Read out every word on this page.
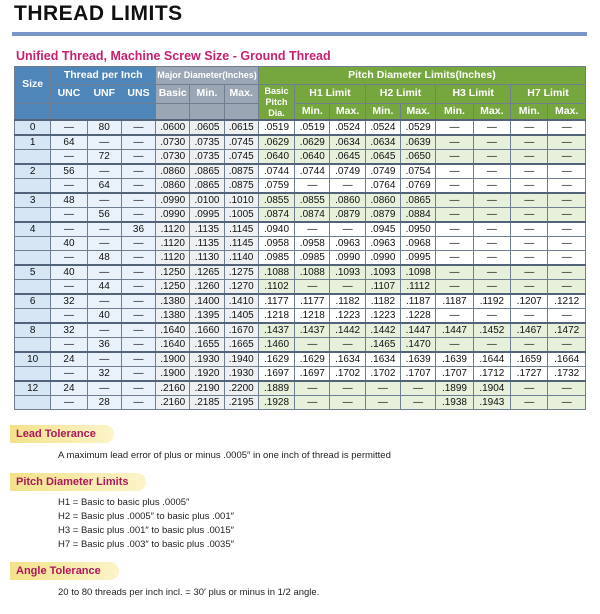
THREAD LIMITS
Unified Thread, Machine Screw Size - Ground Thread
Size	Thread per Inch			Major Diameter(Inches)			Pitch Diameter Limits(Inches)								
	UNC	UNF	UNS	Basic	Min.	Max.	Basic Pitch Dia.	H1 Limit		H2 Limit		H3 Limit		H7 Limit	
								Min.	Max.	Min.	Max.	Min.	Max.	Min.	Max.
0	—	80	—	.0600	.0605	.0615	.0519	.0519	.0524	.0524	.0529	—	—	—	—
1	64	—	—	.0730	.0735	.0745	.0629	.0629	.0634	.0634	.0639	—	—	—	—
	—	72	—	.0730	.0735	.0745	.0640	.0640	.0645	.0645	.0650	—	—	—	—
2	56	—	—	.0860	.0865	.0875	.0744	.0744	.0749	.0749	.0754	—	—	—	—
	—	64	—	.0860	.0865	.0875	.0759	—	—	.0764	.0769	—	—	—	—
3	48	—	—	.0990	.0100	.1010	.0855	.0855	.0860	.0860	.0865	—	—	—	—
	—	56	—	.0990	.0995	.1005	.0874	.0874	.0879	.0879	.0884	—	—	—	—
4	—	—	36	.1120	.1135	.1145	.0940	—	—	.0945	.0950	—	—	—	—
	40	—	—	.1120	.1135	.1145	.0958	.0958	.0963	.0963	.0968	—	—	—	—
	—	48	—	.1120	.1130	.1140	.0985	.0985	.0990	.0990	.0995	—	—	—	—
5	40	—	—	.1250	.1265	.1275	.1088	.1088	.1093	.1093	.1098	—	—	—	—
	—	44	—	.1250	.1260	.1270	.1102	—	—	.1107	.1112	—	—	—	—
6	32	—	—	.1380	.1400	.1410	.1177	.1177	.1182	.1182	.1187	.1187	.1192	.1207	.1212
	—	40	—	.1380	.1395	.1405	.1218	.1218	.1223	.1223	.1228	—	—	—	—
8	32	—	—	.1640	.1660	.1670	.1437	.1437	.1442	.1442	.1447	.1447	.1452	.1467	.1472
	—	36	—	.1640	.1655	.1665	.1460	—	—	.1465	.1470	—	—	—	—
10	24	—	—	.1900	.1930	.1940	.1629	.1629	.1634	.1634	.1639	.1639	.1644	.1659	.1664
	—	32	—	.1900	.1920	.1930	.1697	.1697	.1702	.1702	.1707	.1707	.1712	.1727	.1732
12	24	—	—	.2160	.2190	.2200	.1889	—	—	—	—	.1899	.1904	—	—
	—	28	—	.2160	.2185	.2195	.1928	—	—	—	—	.1938	.1943	—	—
Lead Tolerance
A maximum lead error of plus or minus .0005″ in one inch of thread is permitted
Pitch Diameter Limits
H1 = Basic to basic plus .0005″
H2 = Basic plus .0005″ to basic plus .001″
H3 = Basic plus .001″ to basic plus .0015″
H7 = Basic plus .003″ to basic plus .0035″
Angle Tolerance
20 to 80 threads per inch incl. = 30′ plus or minus in 1/2 angle.
